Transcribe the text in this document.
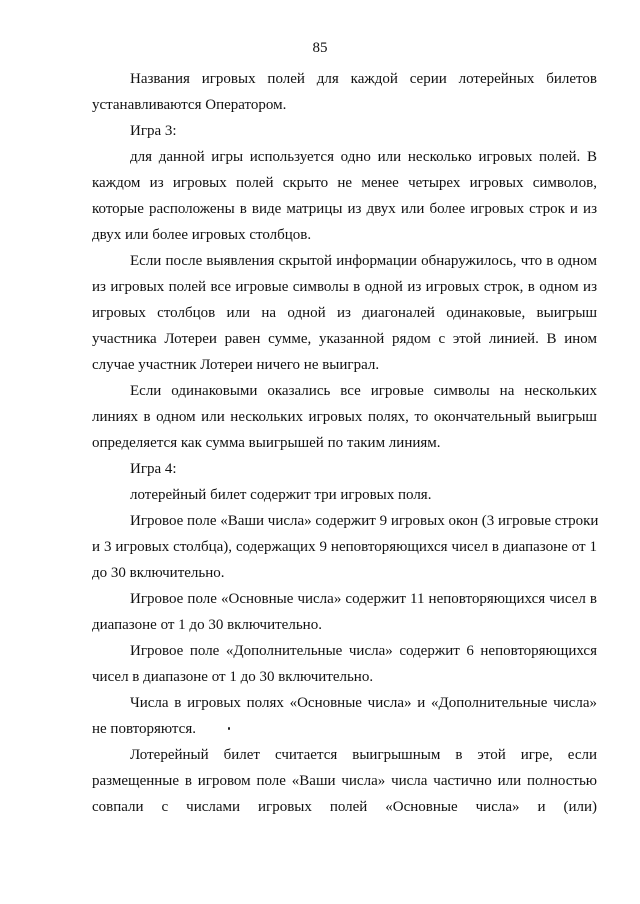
85

Названия игровых полей для каждой серии лотерейных билетов
устанавливаются Оператором.

Игра 3:

для данной игры используется одно или несколько игровых полей. В
каждом из игровых полей скрыто не менее четырех игровых символов,
которые расположены в виде матрицы из двух или более игровых строк и из
двух или более игровых столбцов.

Если после выявления скрытой информации обнаружилось, что в одном
из игровых полей все игровые символы в одной из игровых строк, в одном из
игровых столбцов или на одной из диагоналей одинаковые, выигрыш
участника Лотереи равен сумме, указанной рядом с этой линией. В ином
случае участник Лотереи ничего не выиграл.

Если одинаковыми оказались все игровые символы на нескольких
линиях в одном или нескольких игровых полях, то окончательный выигрыш
определяется как сумма выигрышей по таким линиям.

Игра 4:

лотерейный билет содержит три игровых поля.

Игровое поле «Ваши числа» содержит 9 игровых окон (3 игровые строки
и 3 игровых столбца), содержащих 9 неповторяющихся чисел в диапазоне от 1
до 30 включительно.

Игровое поле «Основные числа» содержит 11 неповторяющихся чисел в
диапазоне от 1 до 30 включительно.

Игровое поле «Дополнительные числа» содержит 6 неповторяющихся
чисел в диапазоне от 1 до 30 включительно.

Числа в игровых полях «Основные числа» и «Дополнительные числа»
не повторяются.

Лотерейный билет считается выигрышным в этой игре, если
размещенные в игровом поле «Ваши числа» числа частично или полностью
совпали с числами игровых полей «Основные числа» и (или)
